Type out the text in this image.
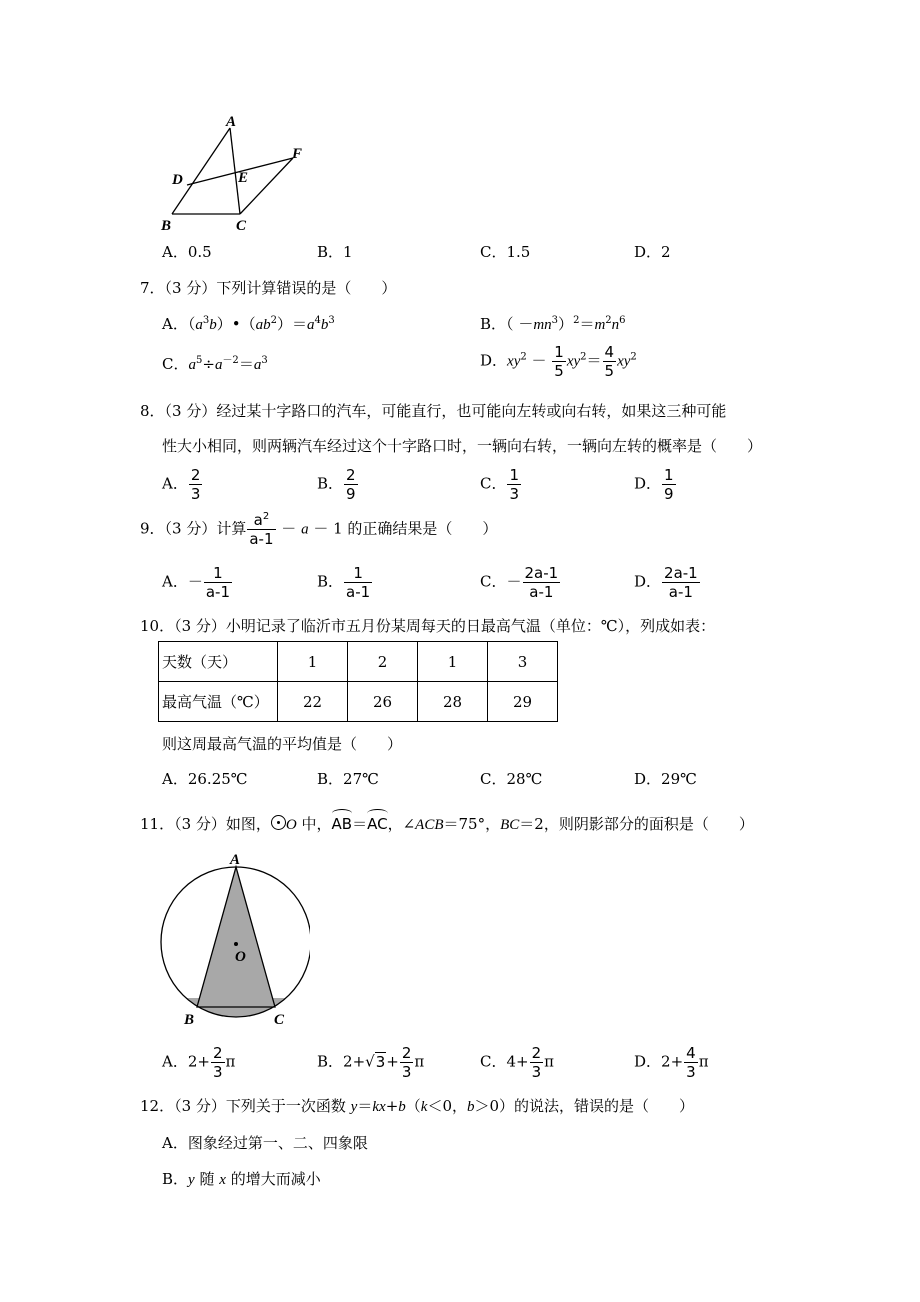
A
B	C
D	E
F
A．0.5	B．1	C．1.5	D．2
7．（3 分）下列计算错误的是（　　）
A．$(a^3b)•(ab^2)=a^4b^3$	B．（ $-mn^3)^2=m^2n^6$
C．$a^5\div a^{-2}=a^3$	D．$xy^2 - \frac{1}{5} xy^2= \frac{4}{5} xy^2$
8．（3 分）经过某十字路口的汽车，可能直行，也可能向左转或向右转，如果这三种可能
性大小相同，则两辆汽车经过这个十字路口时，一辆向右转，一辆向左转的概率是（　　）
A． $\frac{2}{3}$	B． $\frac{2}{9}$	C． $\frac{1}{3}$	D． $\frac{1}{9}$
9．（3 分）计算 $\frac{a^2}{a-1} - a - 1$ 的正确结果是（　　）
A．－ $\frac{1}{a-1}$	B． $\frac{1}{a-1}$	C．－ $\frac{2a-1}{a-1}$	D． $\frac{2a-1}{a-1}$
10．（3 分）小明记录了临沂市五月份某周每天的日最高气温（单位：℃），列成如表：
天数（天）	1	2	1	3
最高气温（℃）	22	26	28	29
则这周最高气温的平均值是（　　）
A．26.25℃	B．27℃	C．28℃	D．29℃
11．（3 分）如图， O 中，AB＝AC，∠ACB＝75°，BC＝2，则阴影部分的面积是（　　）
A
B	C
O
A．$2+ \frac{2}{3}$ π	B．$2+√3+ \frac{2}{3}$ π	C．$4+ \frac{2}{3}$ π	D．$2+ \frac{4}{3}$ π
12．（3 分）下列关于一次函数 y＝kx+b（k＜0，b＞0）的说法，错误的是（　　）
A．图象经过第一、二、四象限
B．y 随 x 的增大而减小
